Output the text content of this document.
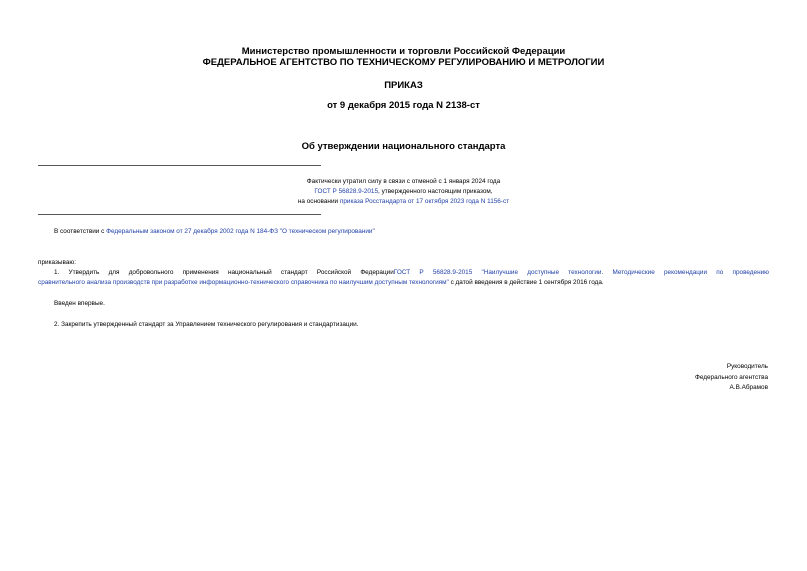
Министерство промышленности и торговли Российской Федерации
ФЕДЕРАЛЬНОЕ АГЕНТСТВО ПО ТЕХНИЧЕСКОМУ РЕГУЛИРОВАНИЮ И МЕТРОЛОГИИ
ПРИКАЗ
от 9 декабря 2015 года N 2138-ст
Об утверждении национального стандарта
Фактически утратил силу в связи с отменой с 1 января 2024 года
ГОСТ Р 56828.9-2015, утвержденного настоящим приказом,
на основании приказа Росстандарта от 17 октября 2023 года N 1156-ст
В соответствии с Федеральным законом от 27 декабря 2002 года N 184-ФЗ "О техническом регулировании"
приказываю:
1. Утвердить для добровольного применения национальный стандарт Российской ФедерацииГОСТ Р 56828.9-2015 "Наилучшие доступные технологии. Методические рекомендации по проведению
сравнительного анализа производств при разработке информационно-технического справочника по наилучшим доступным технологиям" с датой введения в действие 1 сентября 2016 года.
Введен впервые.
2. Закрепить утвержденный стандарт за Управлением технического регулирования и стандартизации.
Руководитель
Федерального агентства
А.В.Абрамов
